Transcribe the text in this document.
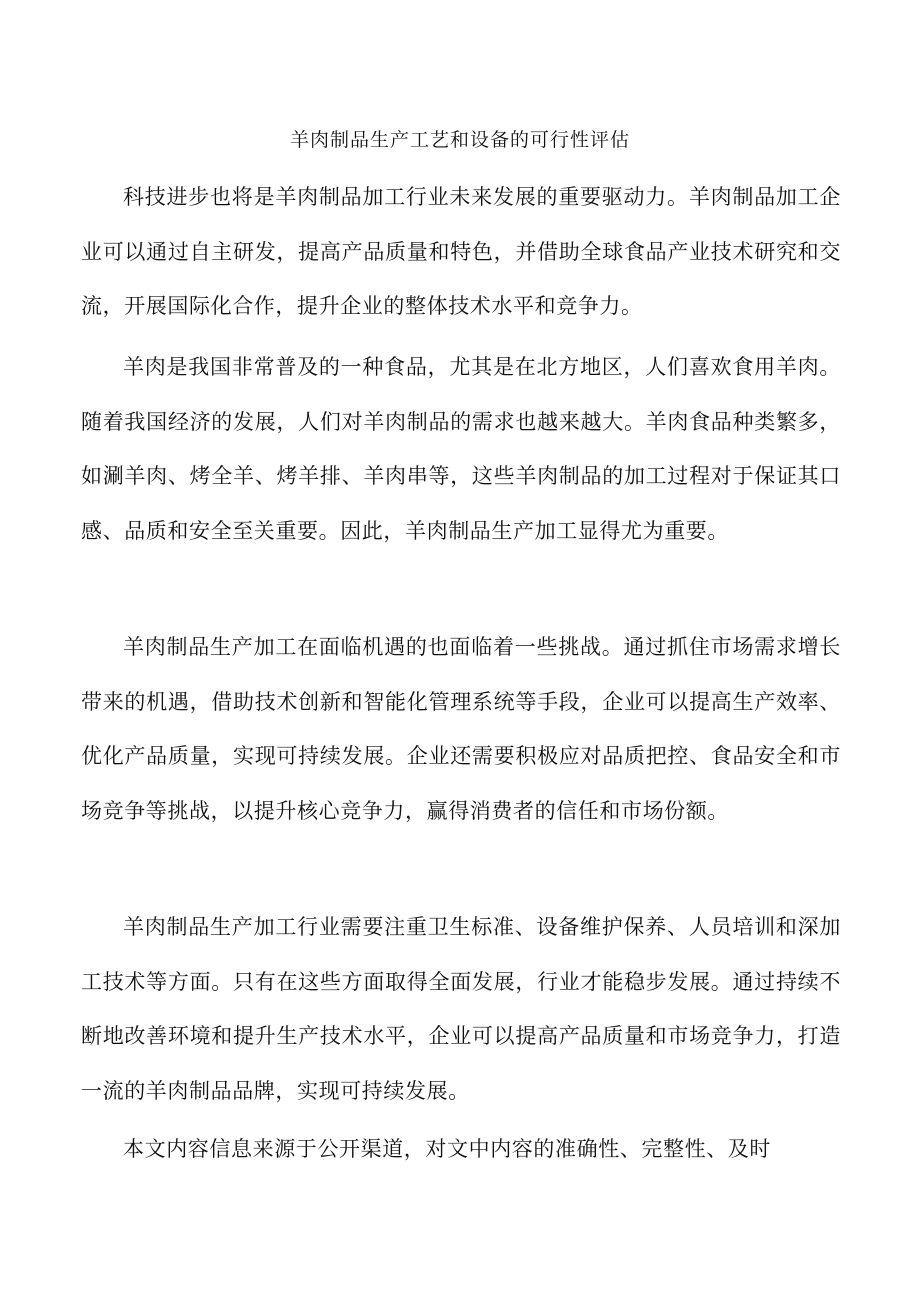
羊肉制品生产工艺和设备的可行性评估

科技进步也将是羊肉制品加工行业未来发展的重要驱动力。羊肉制品加工企业可以通过自主研发，提高产品质量和特色，并借助全球食品产业技术研究和交流，开展国际化合作，提升企业的整体技术水平和竞争力。

羊肉是我国非常普及的一种食品，尤其是在北方地区，人们喜欢食用羊肉。随着我国经济的发展，人们对羊肉制品的需求也越来越大。羊肉食品种类繁多，如涮羊肉、烤全羊、烤羊排、羊肉串等，这些羊肉制品的加工过程对于保证其口感、品质和安全至关重要。因此，羊肉制品生产加工显得尤为重要。

羊肉制品生产加工在面临机遇的也面临着一些挑战。通过抓住市场需求增长带来的机遇，借助技术创新和智能化管理系统等手段，企业可以提高生产效率、优化产品质量，实现可持续发展。企业还需要积极应对品质把控、食品安全和市场竞争等挑战，以提升核心竞争力，赢得消费者的信任和市场份额。

羊肉制品生产加工行业需要注重卫生标准、设备维护保养、人员培训和深加工技术等方面。只有在这些方面取得全面发展，行业才能稳步发展。通过持续不断地改善环境和提升生产技术水平，企业可以提高产品质量和市场竞争力，打造一流的羊肉制品品牌，实现可持续发展。

本文内容信息来源于公开渠道，对文中内容的准确性、完整性、及时
